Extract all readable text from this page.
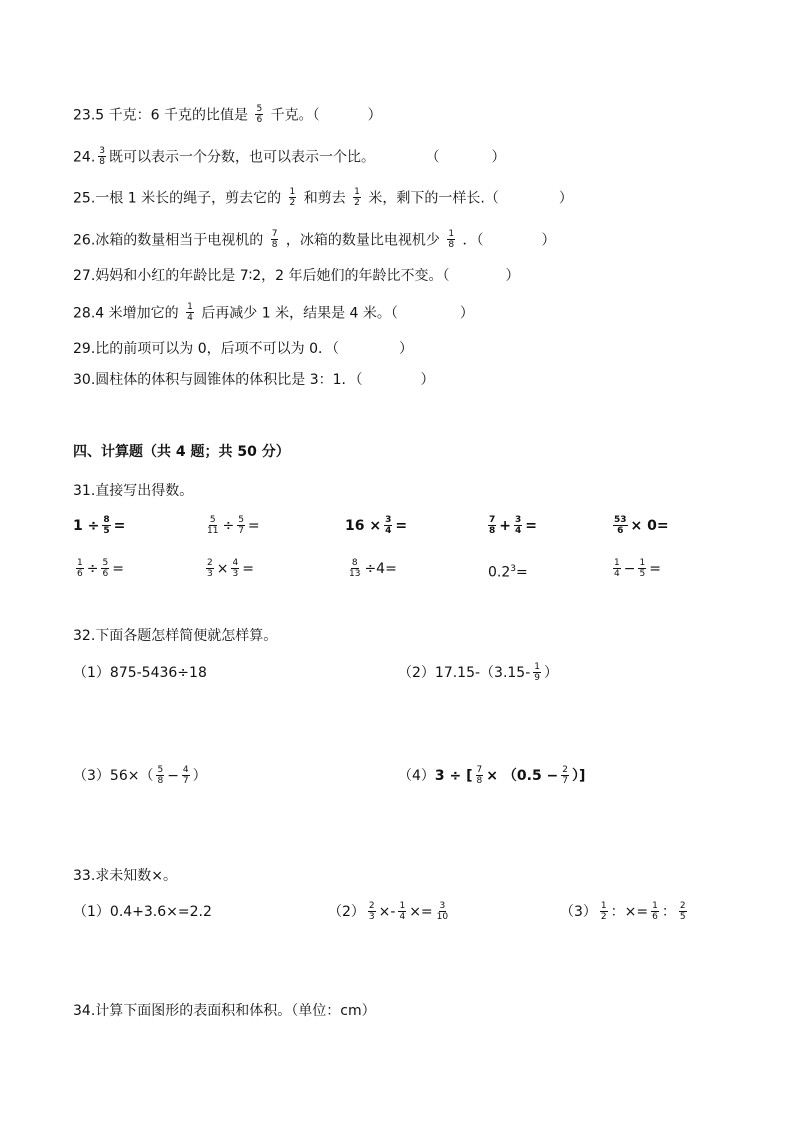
23.5 千克：6 千克的比值是 $\frac{5}{6}$ 千克。（	）
24. $\frac{3}{8}$ 既可以表示一个分数，也可以表示一个比。	（	）
25.一根 1 米长的绳子，剪去它的 $\frac{1}{2}$ 和剪去 $\frac{1}{2}$ 米，剩下的一样长.（	）
26.冰箱的数量相当于电视机的 $\frac{7}{8}$ ，冰箱的数量比电视机少 $\frac{1}{8}$ ．（	）
27.妈妈和小红的年龄比是 7∶2，2 年后她们的年龄比不变。（	）
28.4 米增加它的 $\frac{1}{4}$ 后再减少 1 米，结果是 4 米。（	）
29.比的前项可以为 0，后项不可以为 0．（	）
30.圆柱体的体积与圆锥体的体积比是 3：1．（	）
四、计算题（共 4 题；共 50 分）
31.直接写出得数。
$1 \div \frac{8}{5}$ =	$\frac{5}{11} \div \frac{5}{7}$ =	$16 \times \frac{3}{4}$ =	$\frac{7}{8} + \frac{3}{4}$ =	$\frac{53}{6} \times 0=$
$\frac{1}{6} \div \frac{5}{6}$ =	$\frac{2}{3} \times \frac{4}{3}$ =	$\frac{8}{13} \div 4=$	$0.2^3=$	$\frac{1}{4} - \frac{1}{5}$ =
32.下面各题怎样简便就怎样算。
（1）875-5436÷18	$(2)17.15-(3.15- \frac{1}{9}$ ）
$(3)56\times( \frac{5}{8} - \frac{4}{7}$ ）	（4）3 ÷ [ $\frac{7}{8} \times (0.5 - \frac{2}{7}$ ）]
33.求未知数×。
（1）0.4+3.6×=2.2	$(2) \frac{2}{3} \times- \frac{1}{4} \times= \frac{3}{10}$	$(3) \frac{1}{2}$ ：×= $\frac{1}{6}$ ： $\frac{2}{5}$
34.计算下面图形的表面积和体积。（单位：cm）
